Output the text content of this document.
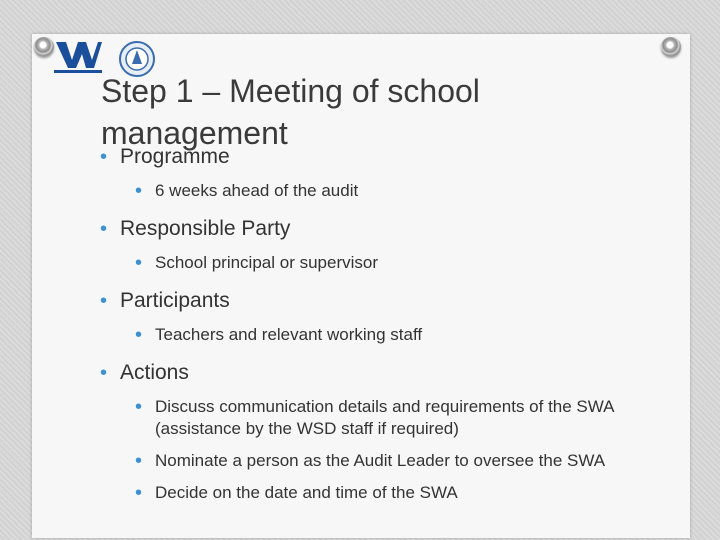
Step 1 – Meeting of school management
• Programme
• 6 weeks ahead of the audit
• Responsible Party
• School principal or supervisor
• Participants
• Teachers and relevant working staff
• Actions
• Discuss communication details and requirements of the SWA (assistance by the WSD staff if required)
• Nominate a person as the Audit Leader to oversee the SWA
• Decide on the date and time of the SWA
